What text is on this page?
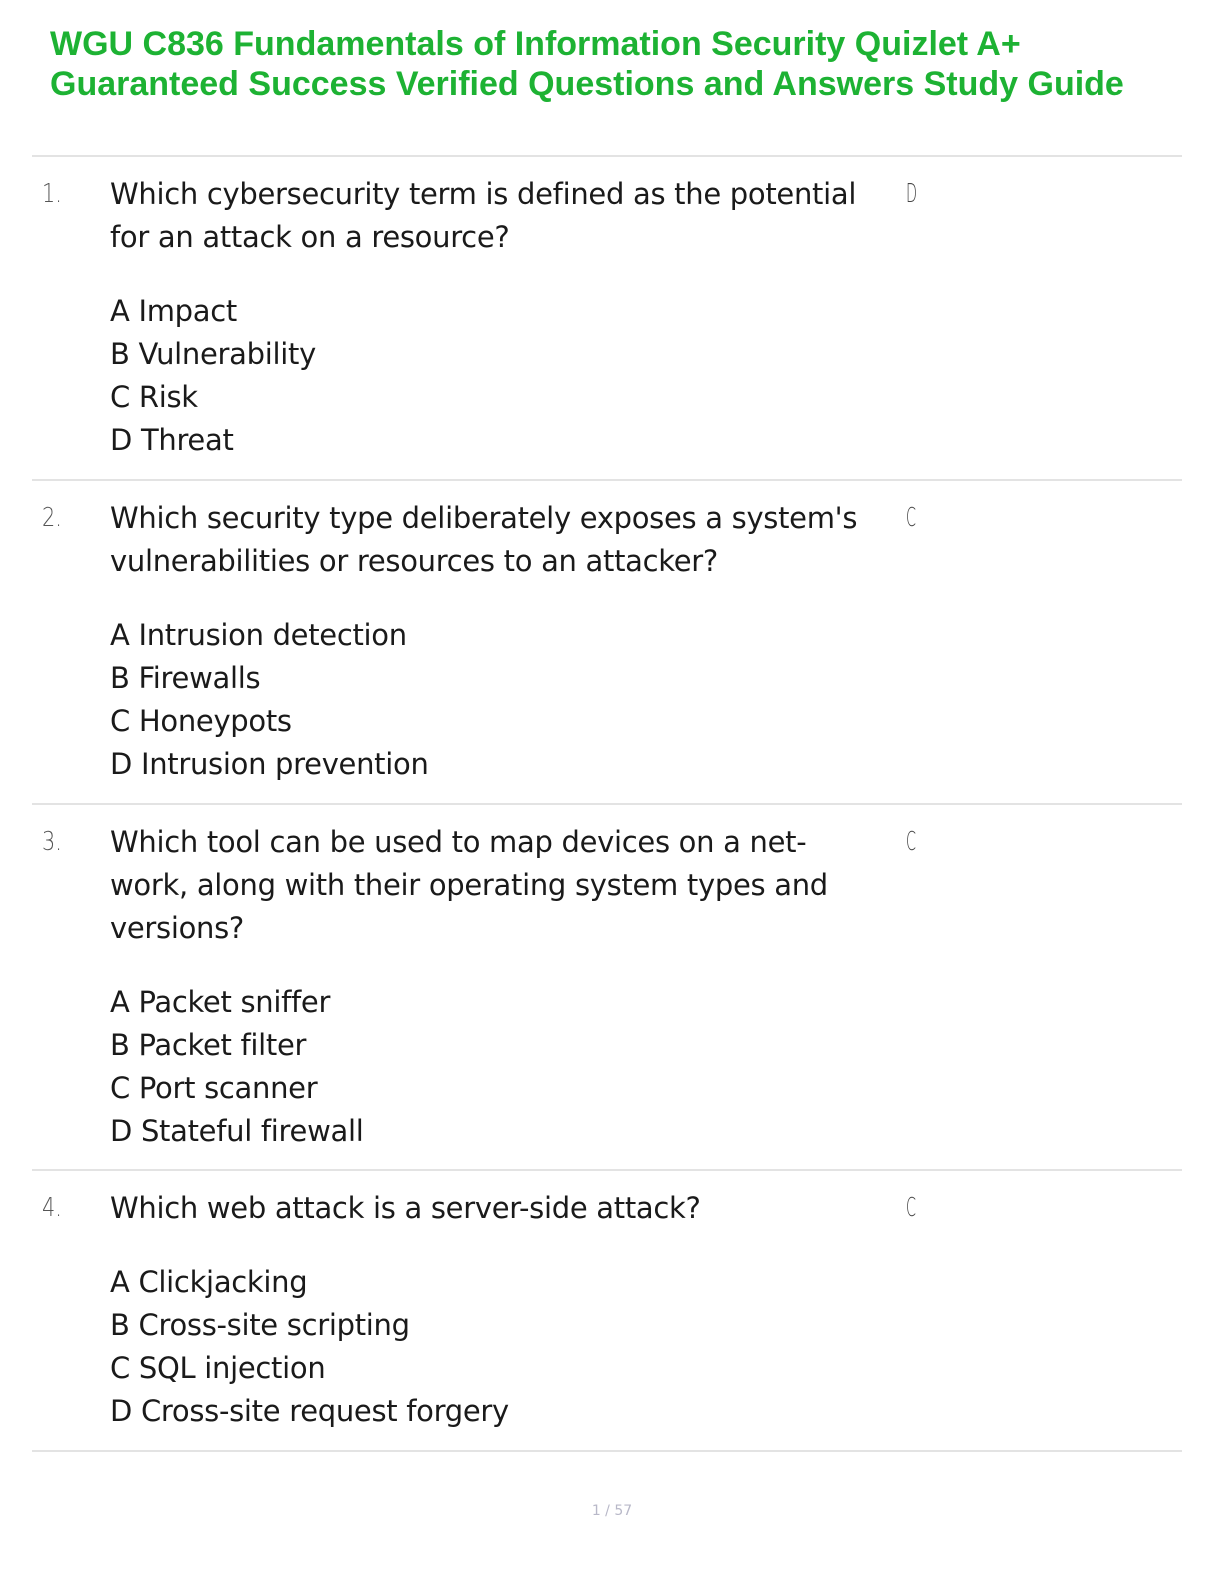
WGU C836 Fundamentals of Information Security Quizlet A+
Guaranteed Success Verified Questions and Answers Study Guide
1. Which cybersecurity term is defined as the potential
for an attack on a resource?
A Impact
B Vulnerability
C Risk
D Threat
D
2. Which security type deliberately exposes a system's
vulnerabilities or resources to an attacker?
A Intrusion detection
B Firewalls
C Honeypots
D Intrusion prevention
C
3. Which tool can be used to map devices on a net-
work, along with their operating system types and
versions?
A Packet sniffer
B Packet filter
C Port scanner
D Stateful firewall
C
4. Which web attack is a server-side attack?
A Clickjacking
B Cross-site scripting
C SQL injection
D Cross-site request forgery
C
1 / 57
